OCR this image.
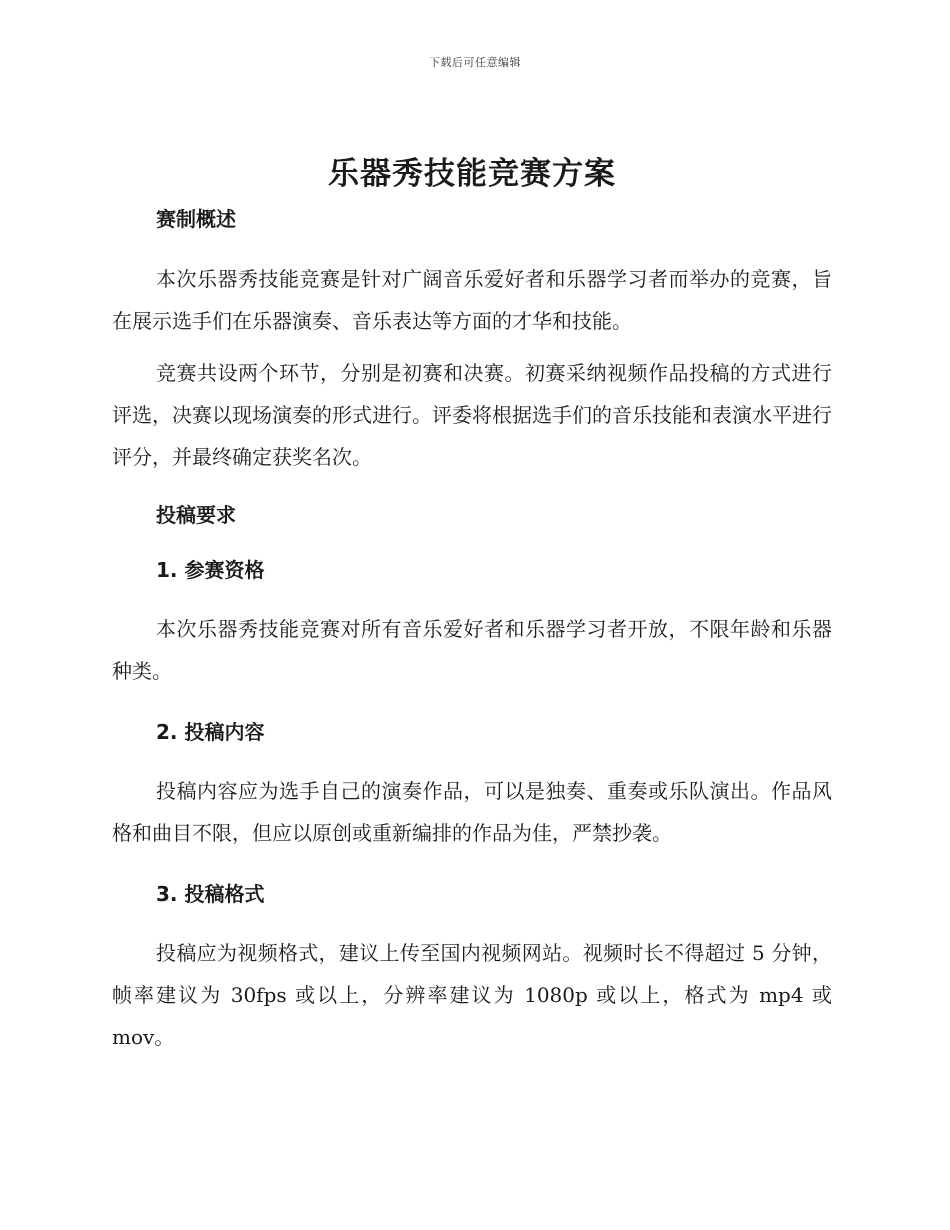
下载后可任意编辑
乐器秀技能竞赛方案

赛制概述

本次乐器秀技能竞赛是针对广阔音乐爱好者和乐器学习者而举办的竞赛，旨在展示选手们在乐器演奏、音乐表达等方面的才华和技能。

竞赛共设两个环节，分别是初赛和决赛。初赛采纳视频作品投稿的方式进行评选，决赛以现场演奏的形式进行。评委将根据选手们的音乐技能和表演水平进行评分，并最终确定获奖名次。

投稿要求

1. 参赛资格

本次乐器秀技能竞赛对所有音乐爱好者和乐器学习者开放，不限年龄和乐器种类。

2. 投稿内容

投稿内容应为选手自己的演奏作品，可以是独奏、重奏或乐队演出。作品风格和曲目不限，但应以原创或重新编排的作品为佳，严禁抄袭。

3. 投稿格式

投稿应为视频格式，建议上传至国内视频网站。视频时长不得超过 5 分钟，帧率建议为 30fps 或以上，分辨率建议为 1080p 或以上，格式为 mp4 或 mov。
